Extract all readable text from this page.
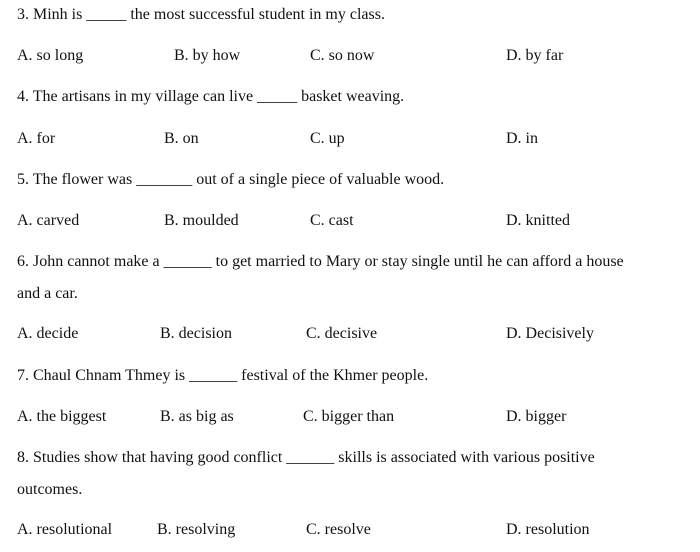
3. Minh is _____ the most successful student in my class.
A. so long	B. by how	C. so now	D. by far
4. The artisans in my village can live _____ basket weaving.
A. for	B. on	C. up	D. in
5. The flower was _______ out of a single piece of valuable wood.
A. carved	B. moulded	C. cast	D. knitted
6. John cannot make a ______ to get married to Mary or stay single until he can afford a house
and a car.
A. decide	B. decision	C. decisive	D. Decisively
7. Chaul Chnam Thmey is ______ festival of the Khmer people.
A. the biggest	B. as big as	C. bigger than	D. bigger
8. Studies show that having good conflict ______ skills is associated with various positive
outcomes.
A. resolutional	B. resolving	C. resolve	D. resolution
